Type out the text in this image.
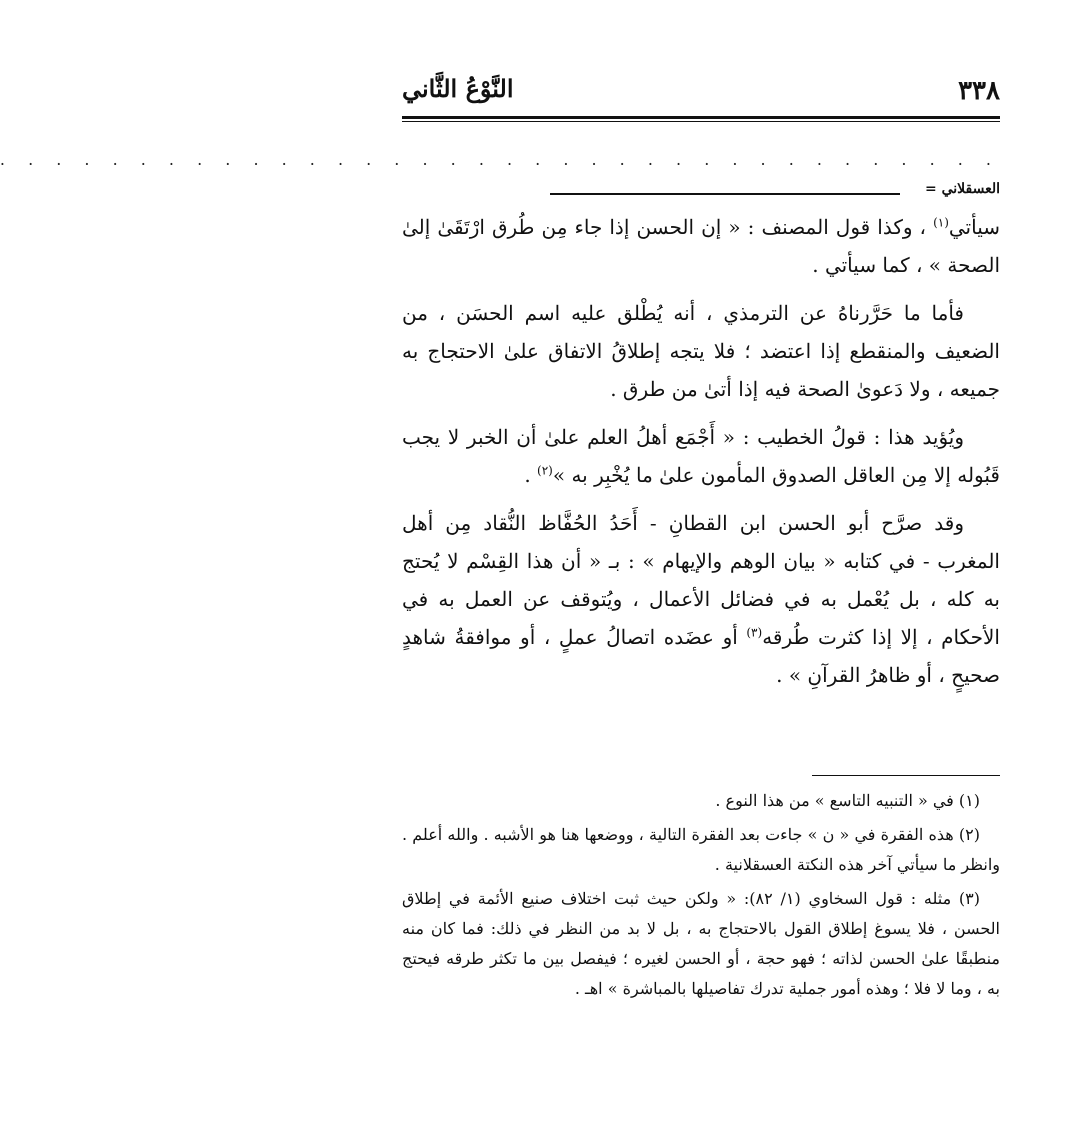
٣٣٨
النَّوْعُ الثَّاني
. . . . . . . . . . . . . . . . . . . . . . . . . . . . . . . . . . . .
العسقلاني =

سيأتي$^{(١)}$ ، وكذا قول المصنف : « إن الحسن إذا جاء مِن طُرق ارْتَقَىٰ إلىٰ الصحة » ، كما سيأتي .

فأما ما حَرَّرناهُ عن الترمذي ، أنه يُطْلق عليه اسم الحسَن ، من الضعيف والمنقطع إذا اعتضد ؛ فلا يتجه إطلاقُ الاتفاق علىٰ الاحتجاج به جميعه ، ولا دَعوىٰ الصحة فيه إذا أتىٰ من طرق .

ويُؤيد هذا : قولُ الخطيب : « أَجْمَع أهلُ العلم علىٰ أن الخبر لا يجب قَبُوله إلا مِن العاقل الصدوق المأمون علىٰ ما يُخْبِر به »$^{(٢)}$ .

وقد صرَّح أبو الحسن ابن القطانِ - أَحَدُ الحُفَّاظ النُّقاد مِن أهل المغرب - في كتابه « بيان الوهم والإيهام » : بـ « أن هذا القِسْم لا يُحتج به كله ، بل يُعْمل به في فضائل الأعمال ، ويُتوقف عن العمل به في الأحكام ، إلا إذا كثرت طُرقه$^{(٣)}$ أو عضَده اتصالُ عملٍ ، أو موافقةُ شاهدٍ صحيحٍ ، أو ظاهرُ القرآنِ » .

(١) في « التنبيه التاسع » من هذا النوع .

(٢) هذه الفقرة في « ن » جاءت بعد الفقرة التالية ، ووضعها هنا هو الأشبه . والله أعلم . وانظر ما سيأتي آخر هذه النكتة العسقلانية .

(٣) مثله : قول السخاوي (١/ ٨٢): « ولكن حيث ثبت اختلاف صنيع الأئمة في إطلاق الحسن ، فلا يسوغ إطلاق القول بالاحتجاج به ، بل لا بد من النظر في ذلك: فما كان منه منطبقًا علىٰ الحسن لذاته ؛ فهو حجة ، أو الحسن لغيره ؛ فيفصل بين ما تكثر طرقه فيحتج به ، وما لا فلا ؛ وهذه أمور جملية تدرك تفاصيلها بالمباشرة » اهـ .
